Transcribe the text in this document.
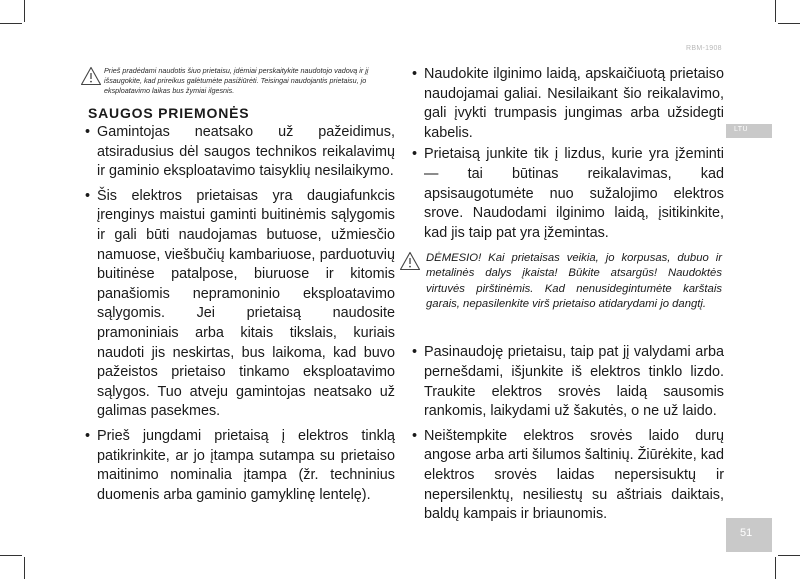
RBM-1908
LTU
51
Prieš pradėdami naudotis šiuo prietaisu, įdėmiai perskaitykite naudotojo vadovą ir jį išsaugokite, kad prireikus galėtumėte pasižiūrėti. Teisingai naudojantis prietaisu, jo eksploatavimo laikas bus žymiai ilgesnis.
SAUGOS PRIEMONĖS
• Gamintojas neatsako už pažeidimus, atsiradusius dėl saugos technikos reikalavimų ir gaminio eksploatavimo taisyklių nesilaikymo.
• Šis elektros prietaisas yra daugiafunkcis įrenginys maistui gaminti buitinėmis sąlygomis ir gali būti naudojamas butuose, užmiesčio namuose, viešbučių kambariuose, parduotuvių buitinėse patalpose, biuruose ir kitomis panašiomis nepramoninio eksploatavimo sąlygomis. Jei prietaisą naudosite pramoniniais arba kitais tikslais, kuriais naudoti jis neskirtas, bus laikoma, kad buvo pažeistos prietaiso tinkamo eksploatavimo sąlygos. Tuo atveju gamintojas neatsako už galimas pasekmes.
• Prieš jungdami prietaisą į elektros tinklą patikrinkite, ar jo įtampa sutampa su prietaiso maitinimo nominalia įtampa (žr. techninius duomenis arba gaminio gamyklinę lentelę).
• Naudokite ilginimo laidą, apskaičiuotą prietaiso naudojamai galiai. Nesilaikant šio reikalavimo, gali įvykti trumpasis jungimas arba užsidegti kabelis.
• Prietaisą junkite tik į lizdus, kurie yra įžeminti — tai būtinas reikalavimas, kad apsisaugotumėte nuo sužalojimo elektros srove. Naudodami ilginimo laidą, įsitikinkite, kad jis taip pat yra įžemintas.
• Pasinaudoję prietaisu, taip pat jį valydami arba pernešdami, išjunkite iš elektros tinklo lizdo. Traukite elektros srovės laidą sausomis rankomis, laikydami už šakutės, o ne už laido.
• Neištempkite elektros srovės laido durų angose arba arti šilumos šaltinių. Žiūrėkite, kad elektros srovės laidas nepersisuktų ir nepersilenktų, nesiliestų su aštriais daiktais, baldų kampais ir briaunomis.
DĖMESIO! Kai prietaisas veikia, jo korpusas, dubuo ir metalinės dalys įkaista! Būkite atsargūs! Naudoktės virtuvės pirštinėmis. Kad nenusidegintumėte karštais garais, nepasilenkite virš prietaiso atidarydami jo dangtį.
